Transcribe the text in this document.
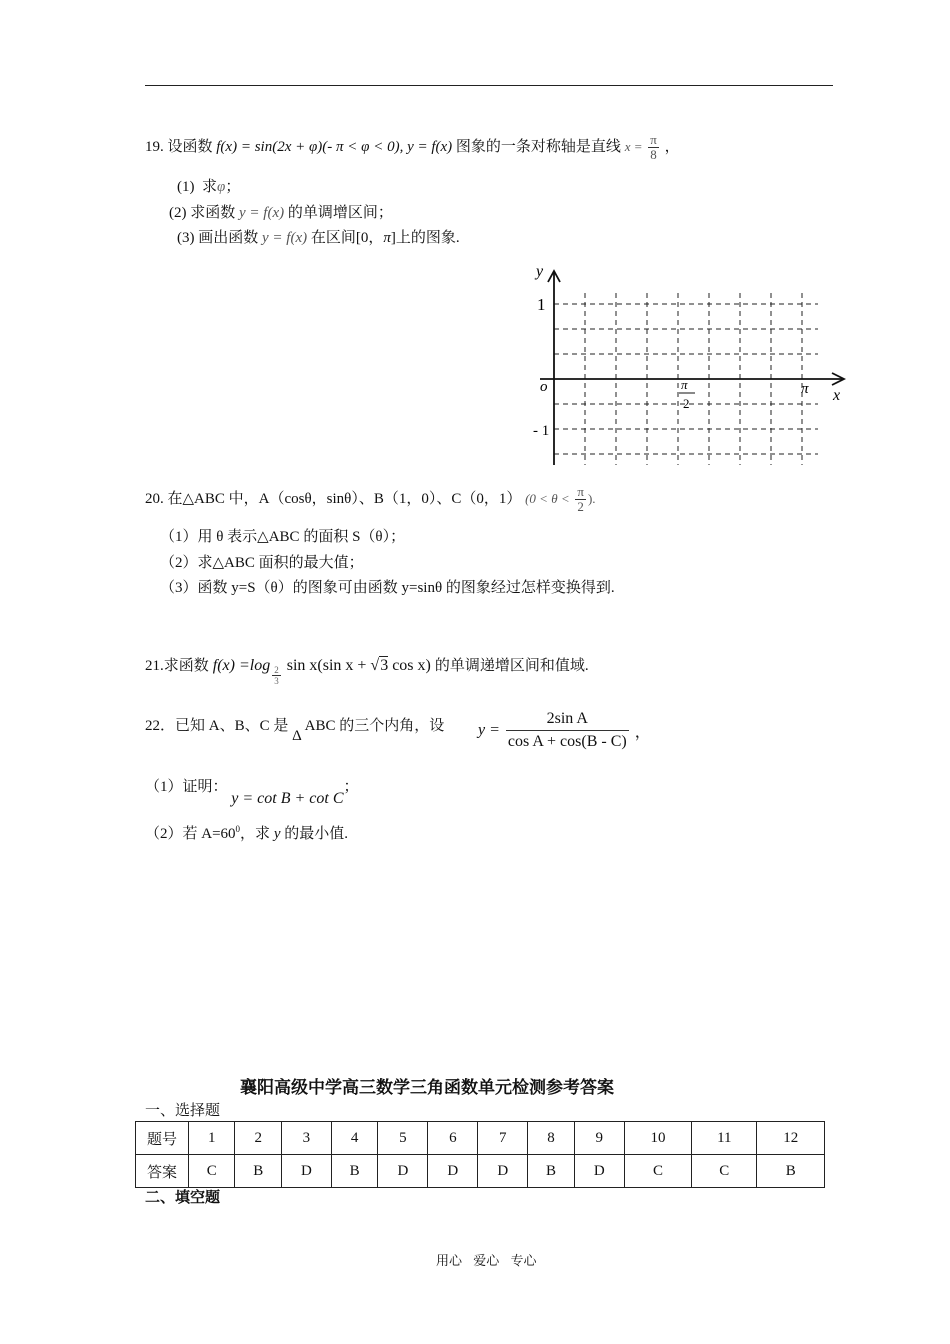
19. 设函数 f(x) = sin(2x + φ)(- π < φ < 0), y = f(x) 图象的一条对称轴是直线 $x = \frac{\pi}{8}$ ，
(1) 求φ；
(2) 求函数 y = f(x) 的单调增区间；
(3) 画出函数 y = f(x) 在区间[0，π]上的图象.
y
x
o
1
- 1
π
2
π
20. 在△ABC 中，A（cosθ，sinθ）、B（1，0）、C（0，1） ($0 < \theta < \frac{\pi}{2}$ ).
（1）用 θ 表示△ABC 的面积 S（θ）；
（2）求△ABC 面积的最大值；
（3）函数 y=S（θ）的图象可由函数 y=sinθ 的图象经过怎样变换得到.
21.求函数 $f(x) =\log \frac{2}{3}$ sin x(sin x + √3 cos x) 的单调递增区间和值域.
22．已知 A、B、C 是 Δ ABC 的三个内角，设 $y = \frac{\text{2sin A}}{\text{cos A + cos(B - C)}}$ ，
（1）证明： y = cot B + cot C；
（2）若 $A=60^0$，求 y 的最小值.
襄阳高级中学高三数学三角函数单元检测参考答案
一、选择题
题号	1	2	3	4	5	6	7	8	9	10	11	12
答案	C	B	D	B	D	D	D	B	D	C	C	B
二、填空题
用心 爱心 专心
